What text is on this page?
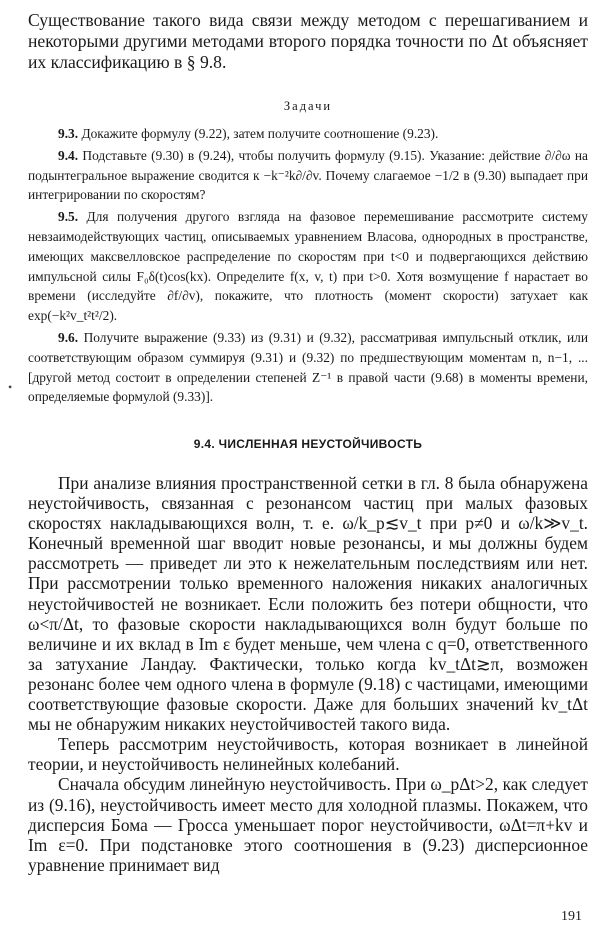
Существование такого вида связи между методом с перешагиванием и некоторыми другими методами второго порядка точности по Δt объясняет их классификацию в § 9.8.

Задачи

9.3. Докажите формулу (9.22), затем получите соотношение (9.23).

9.4. Подставьте (9.30) в (9.24), чтобы получить формулу (9.15). Указание: действие ∂/∂ω на подынтегральное выражение сводится к −k⁻²k∂/∂v. Почему слагаемое −1/2 в (9.30) выпадает при интегрировании по скоростям?

9.5. Для получения другого взгляда на фазовое перемешивание рассмотрите систему невзаимодействующих частиц, описываемых уравнением Власова, однородных в пространстве, имеющих максвелловское распределение по скоростям при t<0 и подвергающихся действию импульсной силы F₀δ(t)cos(kx). Определите f(x, v, t) при t>0. Хотя возмущение f нарастает во времени (исследуйте ∂f/∂v), покажите, что плотность (момент скорости) затухает как exp(−k²v_t²t²/2).

9.6. Получите выражение (9.33) из (9.31) и (9.32), рассматривая импульсный отклик, или соответствующим образом суммируя (9.31) и (9.32) по предшествующим моментам n, n−1, ... [другой метод состоит в определении степеней Z⁻¹ в правой части (9.68) в моменты времени, определяемые формулой (9.33)].

9.4. ЧИСЛЕННАЯ НЕУСТОЙЧИВОСТЬ

При анализе влияния пространственной сетки в гл. 8 была обнаружена неустойчивость, связанная с резонансом частиц при малых фазовых скоростях накладывающихся волн, т. е. ω/k_p≲v_t при p≠0 и ω/k≫v_t. Конечный временной шаг вводит новые резонансы, и мы должны будем рассмотреть — приведет ли это к нежелательным последствиям или нет. При рассмотрении только временного наложения никаких аналогичных неустойчивостей не возникает. Если положить без потери общности, что ω<π/Δt, то фазовые скорости накладывающихся волн будут больше по величине и их вклад в Im ε будет меньше, чем члена с q=0, ответственного за затухание Ландау. Фактически, только когда kv_tΔt≳π, возможен резонанс более чем одного члена в формуле (9.18) с частицами, имеющими соответствующие фазовые скорости. Даже для больших значений kv_tΔt мы не обнаружим никаких неустойчивостей такого вида.

Теперь рассмотрим неустойчивость, которая возникает в линейной теории, и неустойчивость нелинейных колебаний.

Сначала обсудим линейную неустойчивость. При ω_pΔt>2, как следует из (9.16), неустойчивость имеет место для холодной плазмы. Покажем, что дисперсия Бома — Гросса уменьшает порог неустойчивости, ωΔt=π+kv и Im ε=0. При подстановке этого соотношения в (9.23) дисперсионное уравнение принимает вид

191

•
